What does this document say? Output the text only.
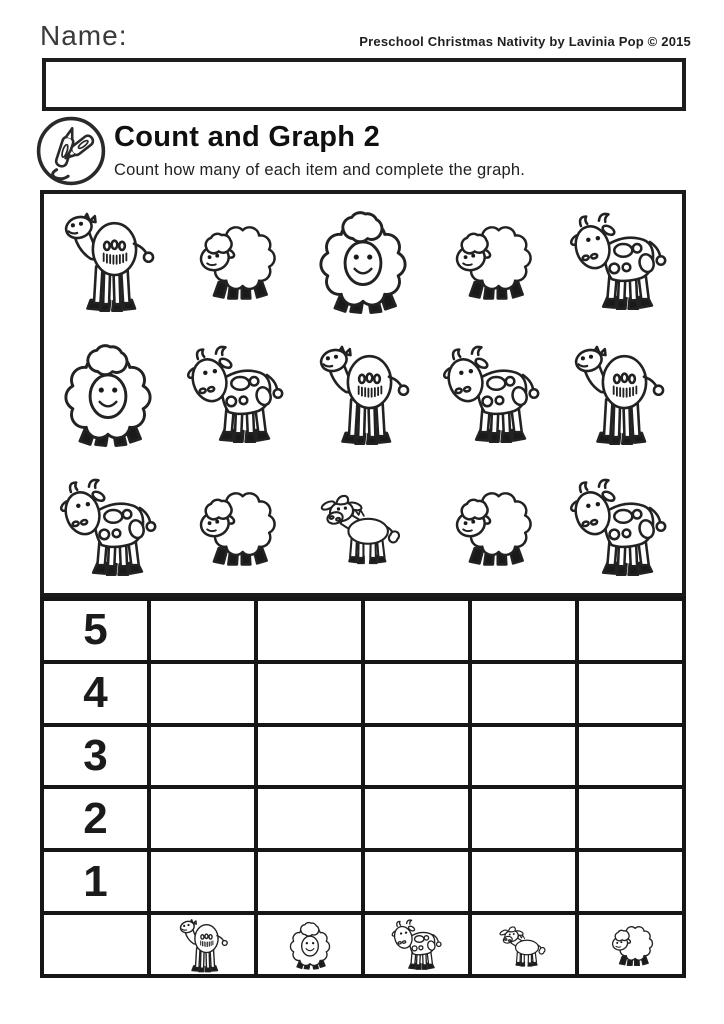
Name:	Preschool Christmas Nativity by Lavinia Pop © 2015
Count and Graph 2
Count how many of each item and complete the graph.
5
4
3
2
1
